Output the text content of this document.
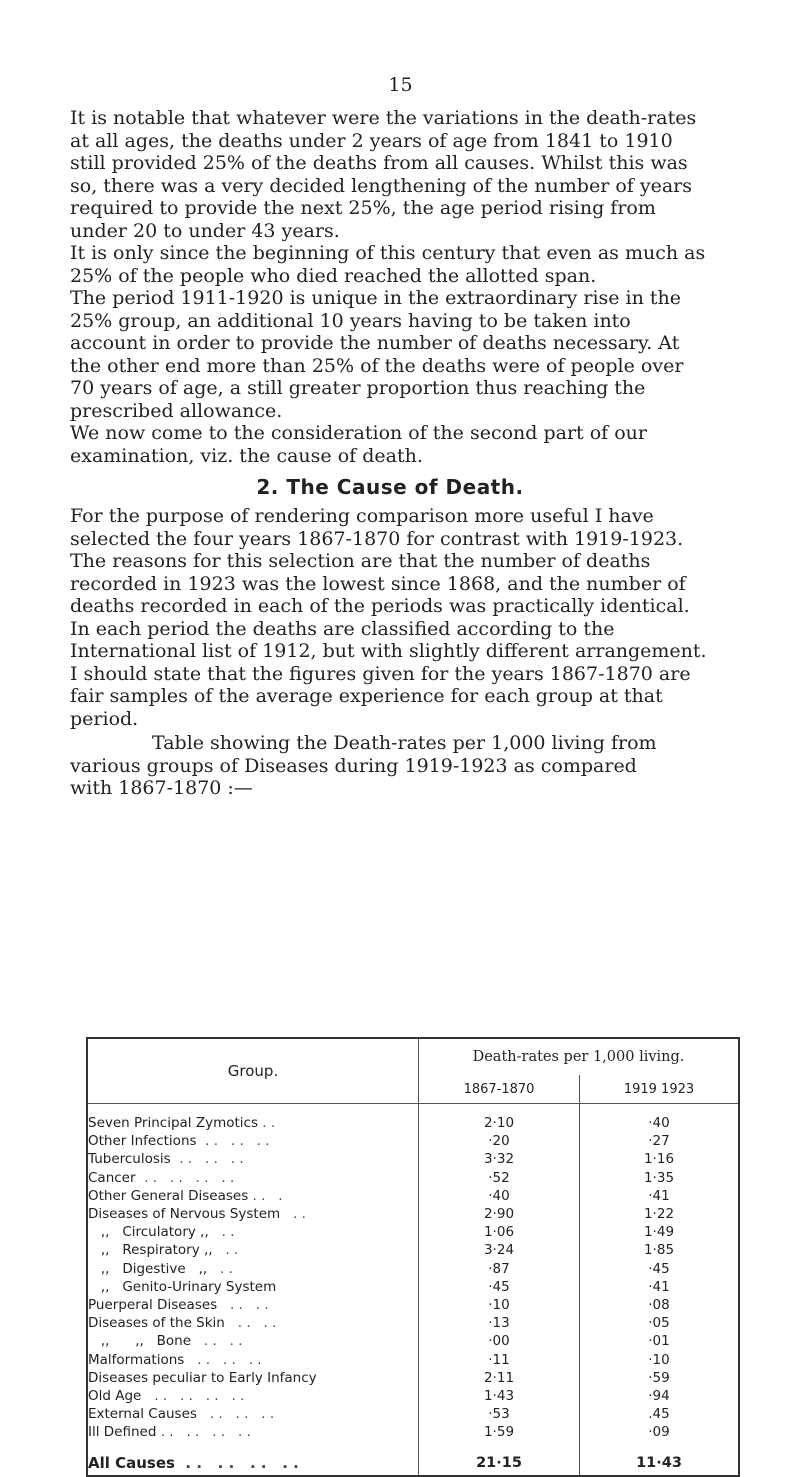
15

It is notable that whatever were the variations in the death-rates at all ages, the deaths under 2 years of age from 1841 to 1910 still provided 25% of the deaths from all causes. Whilst this was so, there was a very decided lengthening of the number of years required to provide the next 25%, the age period rising from under 20 to under 43 years.

It is only since the beginning of this century that even as much as 25% of the people who died reached the allotted span.

The period 1911-1920 is unique in the extraordinary rise in the 25% group, an additional 10 years having to be taken into account in order to provide the number of deaths necessary. At the other end more than 25% of the deaths were of people over 70 years of age, a still greater proportion thus reaching the prescribed allowance.

We now come to the consideration of the second part of our examination, viz. the cause of death.

2. The Cause of Death.

For the purpose of rendering comparison more useful I have selected the four years 1867-1870 for contrast with 1919-1923. The reasons for this selection are that the number of deaths recorded in 1923 was the lowest since 1868, and the number of deaths recorded in each of the periods was practically identical.

In each period the deaths are classified according to the International list of 1912, but with slightly different arrangement. I should state that the figures given for the years 1867-1870 are fair samples of the average experience for each group at that period.

Table showing the Death-rates per 1,000 living from
various groups of Diseases during 1919-1923 as compared
with 1867-1870 :—

Group.	Death-rates per 1,000 living.	
	1867-1870	1919 1923

Seven Principal Zymotics . .	2·10	·40
Other Infections  . .   . .   . .	·20	·27
Tuberculosis  . .   . .   . .	3·32	1·16
Cancer  . .   . .   . .   . .	·52	1·35
Other General Diseases . .   .	·40	·41
Diseases of Nervous System   . .	2·90	1·22
,,   Circulatory ,,   . .	1·06	1·49
,,   Respiratory ,,   . .	3·24	1·85
,,   Digestive   ,,   . .	·87	·45
,,   Genito-Urinary System	·45	·41
Puerperal Diseases   . .   . .	·10	·08
Diseases of the Skin   . .   . .	·13	·05
,,      ,,   Bone   . .   . .	·00	·01
Malformations   . .   . .   . .	·11	·10
Diseases peculiar to Early Infancy	2·11	·59
Old Age   . .   . .   . .   . .	1·43	·94
External Causes   . .   . .   . .	·53	.45
Ill Defined . .   . .   . .   . .	1·59	·09

All Causes  . .   . .   . .   . .	21·15	11·43
